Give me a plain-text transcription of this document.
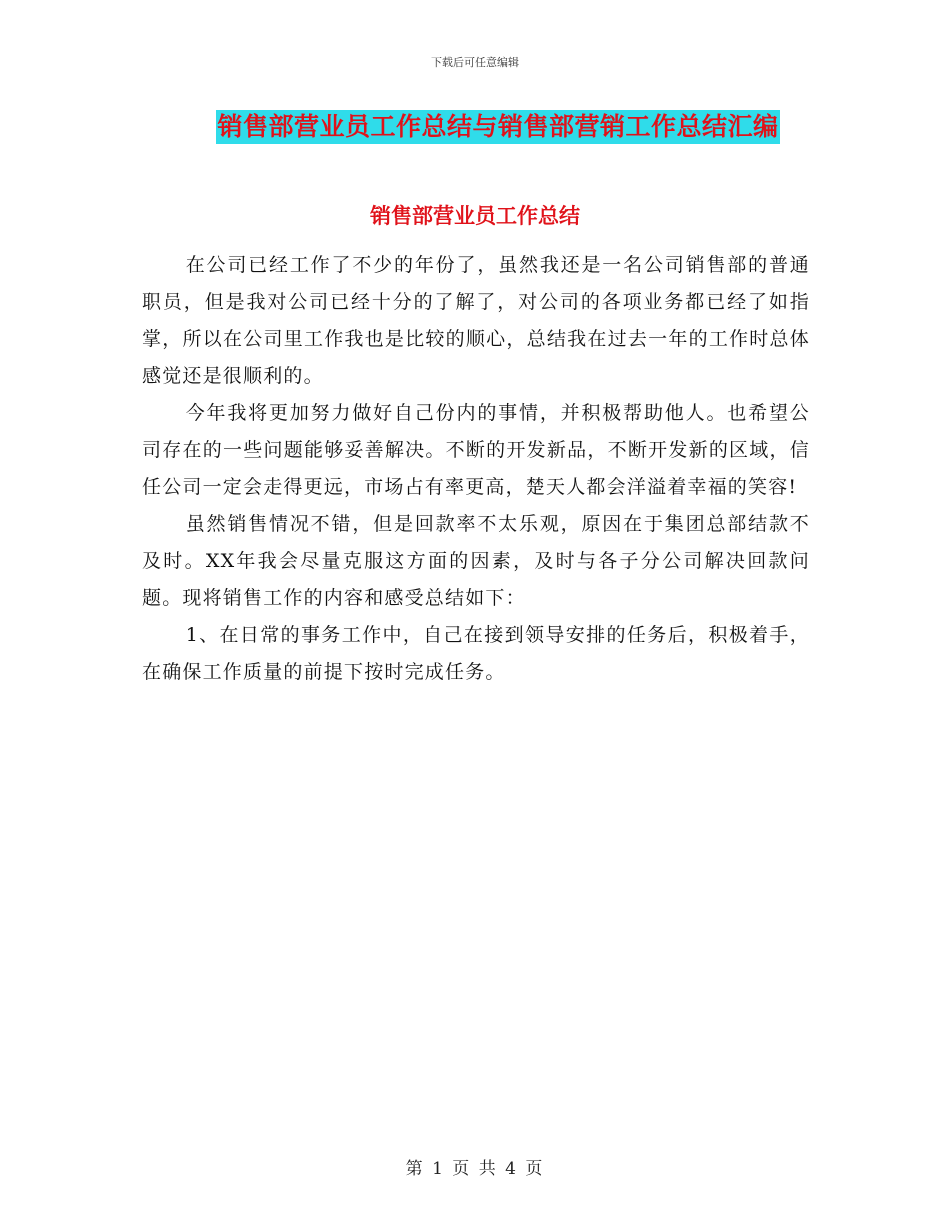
下载后可任意编辑
销售部营业员工作总结与销售部营销工作总结汇编
销售部营业员工作总结

在公司已经工作了不少的年份了，虽然我还是一名公司销售部的普通职员，但是我对公司已经十分的了解了，对公司的各项业务都已经了如指掌，所以在公司里工作我也是比较的顺心，总结我在过去一年的工作时总体感觉还是很顺利的。

今年我将更加努力做好自己份内的事情，并积极帮助他人。也希望公司存在的一些问题能够妥善解决。不断的开发新品，不断开发新的区域，信任公司一定会走得更远，市场占有率更高，楚天人都会洋溢着幸福的笑容!

虽然销售情况不错，但是回款率不太乐观，原因在于集团总部结款不及时。XX年我会尽量克服这方面的因素，及时与各子分公司解决回款问题。现将销售工作的内容和感受总结如下：

1、在日常的事务工作中，自己在接到领导安排的任务后，积极着手，在确保工作质量的前提下按时完成任务。

第 1 页 共 4 页
